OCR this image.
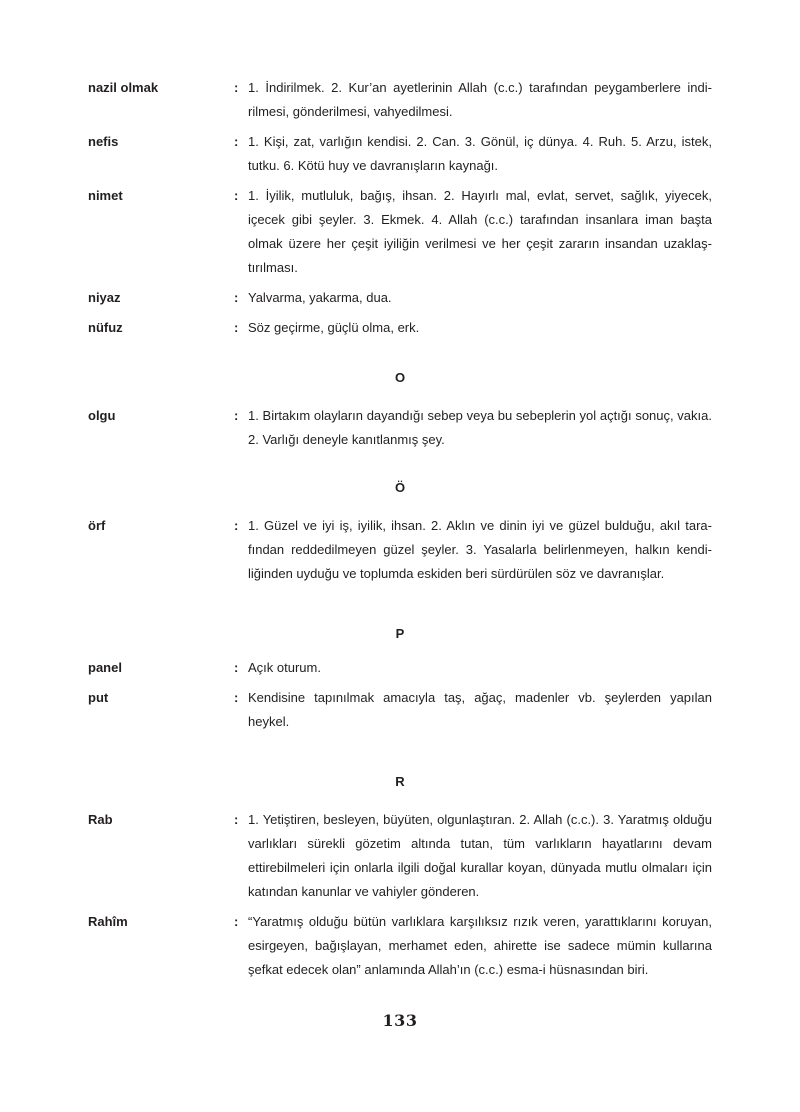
nazil olmak	: 1. İndirilmek. 2. Kur’an ayetlerinin Allah (c.c.) tarafından peygamberlere indirilmesi, gönderilmesi, vahyedilmesi.
nefis	: 1. Kişi, zat, varlığın kendisi. 2. Can. 3. Gönül, iç dünya. 4. Ruh. 5. Arzu, istek, tutku. 6. Kötü huy ve davranışların kaynağı.
nimet	: 1. İyilik, mutluluk, bağış, ihsan. 2. Hayırlı mal, evlat, servet, sağlık, yiyecek, içecek gibi şeyler. 3. Ekmek. 4. Allah (c.c.) tarafından insanlara iman başta olmak üzere her çeşit iyiliğin verilmesi ve her çeşit zararın insandan uzaklaştırılması.
niyaz	: Yalvarma, yakarma, dua.
nüfuz	: Söz geçirme, güçlü olma, erk.
O
olgu	: 1. Birtakım olayların dayandığı sebep veya bu sebeplerin yol açtığı sonuç, vakıa. 2. Varlığı deneyle kanıtlanmış şey.
Ö
örf	: 1. Güzel ve iyi iş, iyilik, ihsan. 2. Aklın ve dinin iyi ve güzel bulduğu, akıl tarafından reddedilmeyen güzel şeyler. 3. Yasalarla belirlenmeyen, halkın kendiliğinden uyduğu ve toplumda eskiden beri sürdürülen söz ve davranışlar.
P
panel	: Açık oturum.
put	: Kendisine tapınılmak amacıyla taş, ağaç, madenler vb. şeylerden yapılan heykel.
R
Rab	: 1. Yetiştiren, besleyen, büyüten, olgunlaştıran. 2. Allah (c.c.). 3. Yaratmış olduğu varlıkları sürekli gözetim altında tutan, tüm varlıkların hayatlarını devam ettirebilmeleri için onlarla ilgili doğal kurallar koyan, dünyada mutlu olmaları için katından kanunlar ve vahiyler gönderen.
Rahîm	: “Yaratmış olduğu bütün varlıklara karşılıksız rızık veren, yarattıklarını koruyan, esirgeyen, bağışlayan, merhamet eden, ahirette ise sadece mümin kullarına şefkat edecek olan” anlamında Allah’ın (c.c.) esma-i hüsnasından biri.
133
